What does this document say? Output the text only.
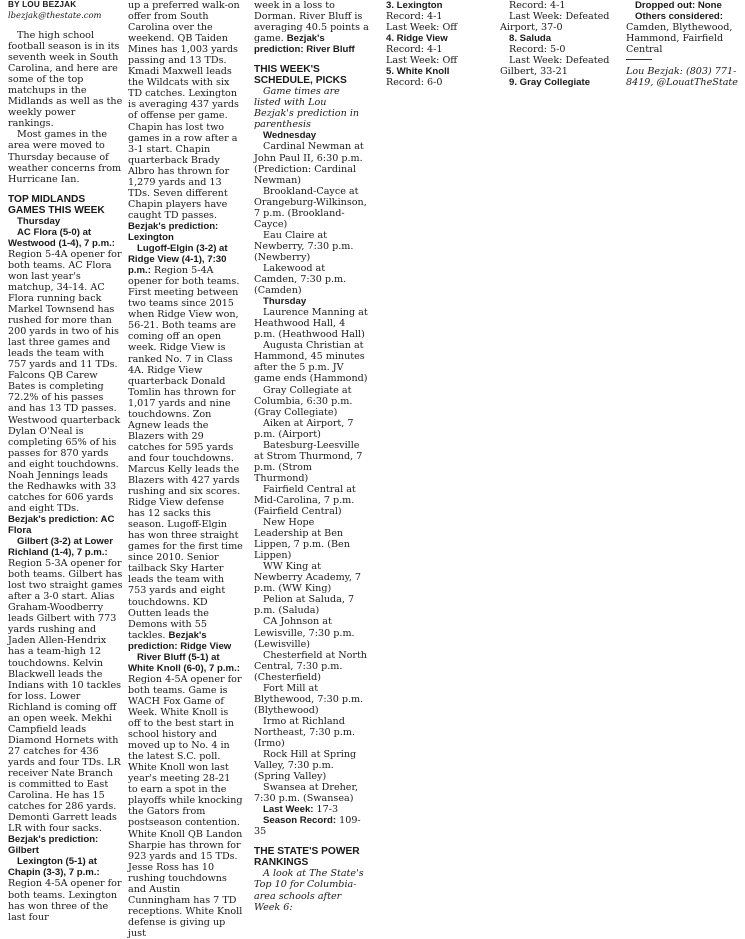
BY LOU BEZJAK

lbezjak@thestate.com

The high school football season is in its seventh week in South Carolina, and here are some of the top matchups in the Midlands as well as the weekly power rankings.

Most games in the area were moved to Thursday because of weather concerns from Hurricane Ian.

TOP MIDLANDS GAMES THIS WEEK

Thursday

AC Flora (5-0) at Westwood (1-4), 7 p.m.: Region 5-4A opener for both teams. AC Flora won last year's matchup, 34-14. AC Flora running back Markel Townsend has rushed for more than 200 yards in two of his last three games and leads the team with 757 yards and 11 TDs. Falcons QB Carew Bates is completing 72.2% of his passes and has 13 TD passes. Westwood quarterback Dylan O'Neal is completing 65% of his passes for 870 yards and eight touchdowns. Noah Jennings leads the Redhawks with 33 catches for 606 yards and eight TDs.

Bezjak's prediction: AC Flora

Gilbert (3-2) at Lower Richland (1-4), 7 p.m.: Region 5-3A opener for both teams. Gilbert has lost two straight games after a 3-0 start. Alias Graham-Woodberry leads Gilbert with 773 yards rushing and Jaden Allen-Hendrix has a team-high 12 touchdowns. Kelvin Blackwell leads the Indians with 10 tackles for loss. Lower Richland is coming off an open week. Mekhi Campfield leads Diamond Hornets with 27 catches for 436 yards and four TDs. LR receiver Nate Branch is committed to East Carolina. He has 15 catches for 286 yards. Demonti Garrett leads LR with four sacks.

Bezjak's prediction: Gilbert

Lexington (5-1) at Chapin (3-3), 7 p.m.: Region 4-5A opener for both teams. Lexington has won three of the last four

up a preferred walk-on offer from South Carolina over the weekend. QB Taiden Mines has 1,003 yards passing and 13 TDs. Kmadi Maxwell leads the Wildcats with six TD catches. Lexington is averaging 437 yards of offense per game. Chapin has lost two games in a row after a 3-1 start. Chapin quarterback Brady Albro has thrown for 1,279 yards and 13 TDs. Seven different Chapin players have caught TD passes.

Bezjak's prediction: Lexington

Lugoff-Elgin (3-2) at Ridge View (4-1), 7:30 p.m.: Region 5-4A opener for both teams. First meeting between two teams since 2015 when Ridge View won, 56-21. Both teams are coming off an open week. Ridge View is ranked No. 7 in Class 4A. Ridge View quarterback Donald Tomlin has thrown for 1,017 yards and nine touchdowns. Zon Agnew leads the Blazers with 29 catches for 595 yards and four touchdowns. Marcus Kelly leads the Blazers with 427 yards rushing and six scores. Ridge View defense has 12 sacks this season. Lugoff-Elgin has won three straight games for the first time since 2010. Senior tailback Sky Harter leads the team with 753 yards and eight touchdowns. KD Outten leads the Demons with 55 tackles. Bezjak's prediction: Ridge View

River Bluff (5-1) at White Knoll (6-0), 7 p.m.: Region 4-5A opener for both teams. Game is WACH Fox Game of Week. White Knoll is off to the best start in school history and moved up to No. 4 in the latest S.C. poll. White Knoll won last year's meeting 28-21 to earn a spot in the playoffs while knocking the Gators from postseason contention. White Knoll QB Landon Sharpie has thrown for 923 yards and 15 TDs. Jesse Ross has 10 rushing touchdowns and Austin Cunningham has 7 TD receptions. White Knoll defense is giving up just

week in a loss to Dorman. River Bluff is averaging 40.5 points a game. Bezjak's prediction: River Bluff

THIS WEEK'S SCHEDULE, PICKS

Game times are listed with Lou Bezjak's prediction in parenthesis

Wednesday

Cardinal Newman at John Paul II, 6:30 p.m. (Prediction: Cardinal Newman)

Brookland-Cayce at Orangeburg-Wilkinson, 7 p.m. (Brookland-Cayce)

Eau Claire at Newberry, 7:30 p.m. (Newberry)

Lakewood at Camden, 7:30 p.m. (Camden)

Thursday

Laurence Manning at Heathwood Hall, 4 p.m. (Heathwood Hall)

Augusta Christian at Hammond, 45 minutes after the 5 p.m. JV game ends (Hammond)

Gray Collegiate at Columbia, 6:30 p.m. (Gray Collegiate)

Aiken at Airport, 7 p.m. (Airport)

Batesburg-Leesville at Strom Thurmond, 7 p.m. (Strom Thurmond)

Fairfield Central at Mid-Carolina, 7 p.m. (Fairfield Central)

New Hope Leadership at Ben Lippen, 7 p.m. (Ben Lippen)

WW King at Newberry Academy, 7 p.m. (WW King)

Pelion at Saluda, 7 p.m. (Saluda)

CA Johnson at Lewisville, 7:30 p.m. (Lewisville)

Chesterfield at North Central, 7:30 p.m. (Chesterfield)

Fort Mill at Blythewood, 7:30 p.m. (Blythewood)

Irmo at Richland Northeast, 7:30 p.m. (Irmo)

Rock Hill at Spring Valley, 7:30 p.m. (Spring Valley)

Swansea at Dreher, 7:30 p.m. (Swansea)

Last Week: 17-3

Season Record: 109-35

THE STATE'S POWER RANKINGS

A look at The State's Top 10 for Columbia-area schools after Week 6:

3. Lexington

Record: 4-1

Last Week: Off

4. Ridge View

Record: 4-1

Last Week: Off

5. White Knoll

Record: 6-0

Record: 4-1

Last Week: Defeated Airport, 37-0

8. Saluda

Record: 5-0

Last Week: Defeated Gilbert, 33-21

9. Gray Collegiate

Dropped out: None

Others considered:

Camden, Blythewood, Hammond, Fairfield Central

Lou Bezjak: (803) 771-8419, @LouatTheState
